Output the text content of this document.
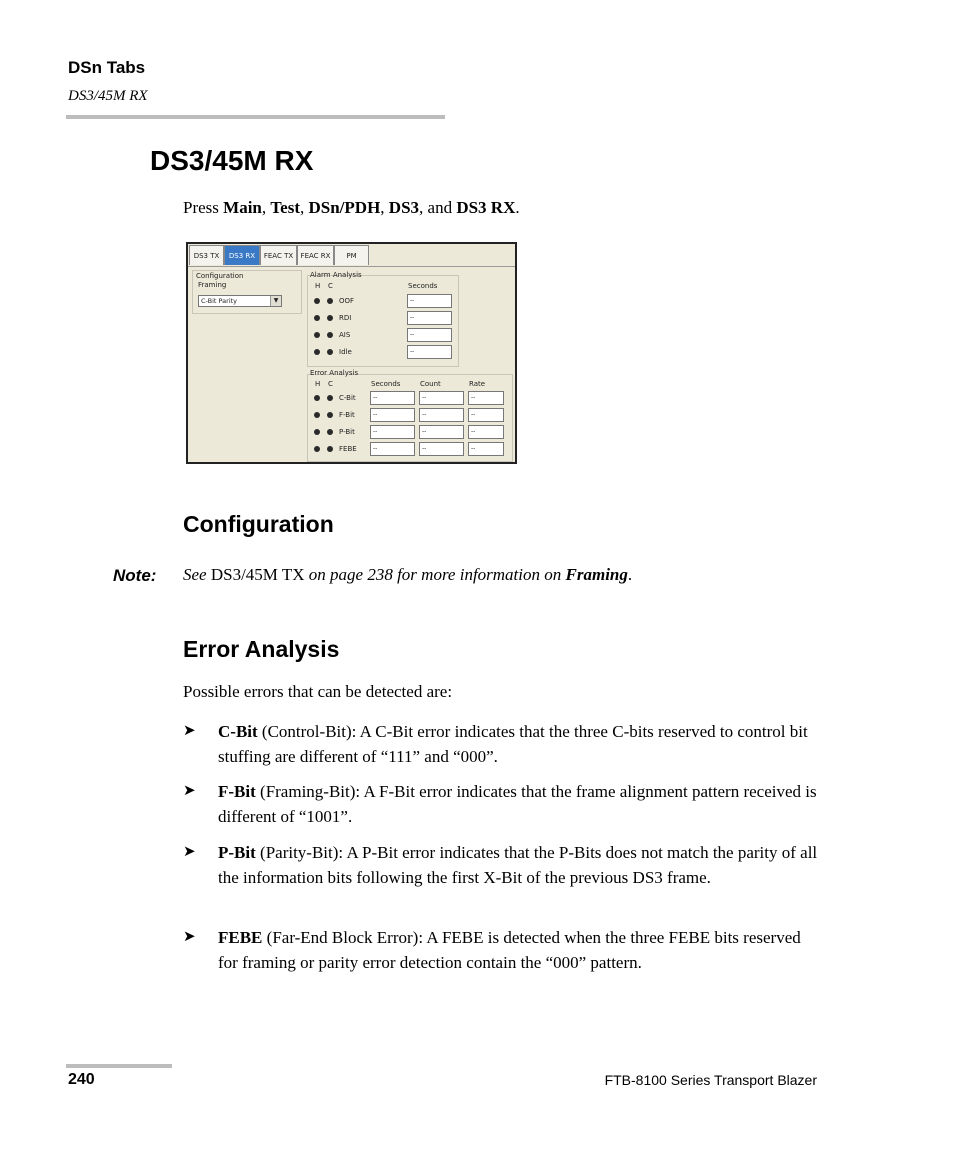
DSn Tabs
DS3/45M RX
DS3/45M RX
Press Main, Test, DSn/PDH, DS3, and DS3 RX.
DS3 TX	DS3 RX	FEAC TX	FEAC RX	PM
Configuration
Framing
C-Bit Parity	▼
Alarm Analysis
H C	Seconds
OOF	--
RDI	--
AIS	--
Idle	--
Error Analysis
H C	Seconds	Count	Rate
C-Bit	--	--	--
F-Bit	--	--	--
P-Bit	--	--	--
FEBE	--	--	--
Configuration
Note: See DS3/45M TX on page 238 for more information on Framing.
Error Analysis
Possible errors that can be detected are:
➤	C-Bit (Control-Bit): A C-Bit error indicates that the three C-bits reserved to control bit stuffing are different of “111” and “000”.
➤	F-Bit (Framing-Bit): A F-Bit error indicates that the frame alignment pattern received is different of “1001”.
➤	P-Bit (Parity-Bit): A P-Bit error indicates that the P-Bits does not match the parity of all the information bits following the first X-Bit of the previous DS3 frame.
➤	FEBE (Far-End Block Error): A FEBE is detected when the three FEBE bits reserved for framing or parity error detection contain the “000” pattern.
240	FTB-8100 Series Transport Blazer
